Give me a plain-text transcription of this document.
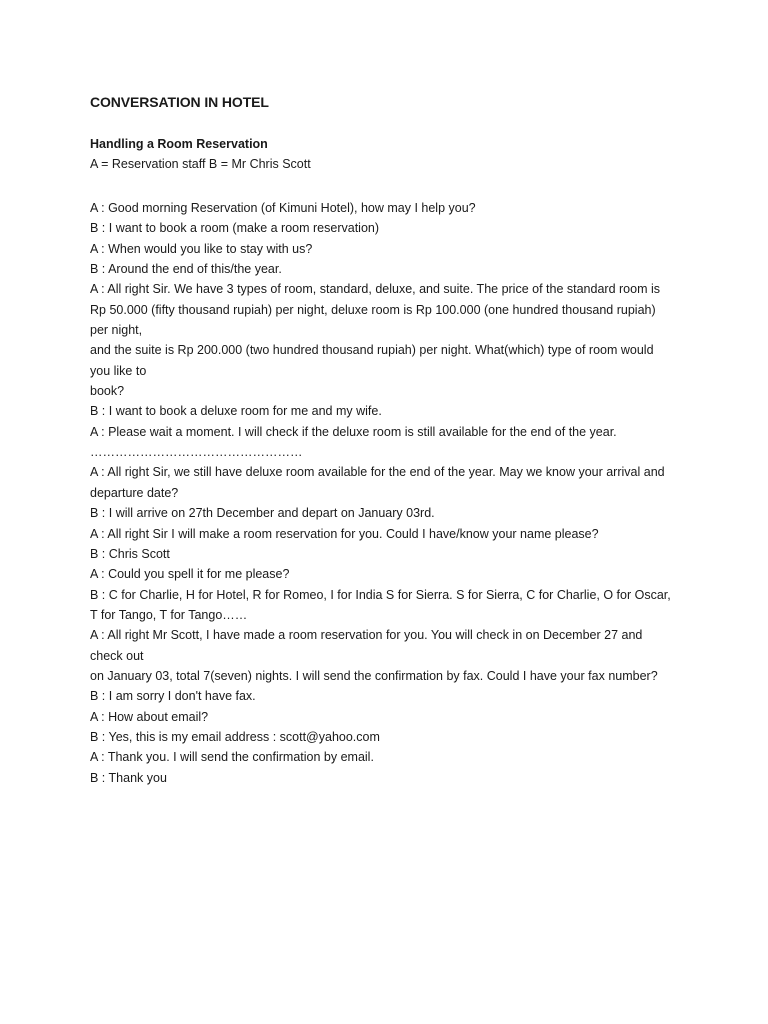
CONVERSATION IN HOTEL
Handling a Room Reservation

A = Reservation staff B = Mr Chris Scott

A : Good morning Reservation (of Kimuni Hotel), how may I help you?

B : I want to book a room (make a room reservation)

A : When would you like to stay with us?

B : Around the end of this/the year.

A : All right Sir. We have 3 types of room, standard, deluxe, and suite. The price of the standard room is

Rp 50.000 (fifty thousand rupiah) per night, deluxe room is Rp 100.000 (one hundred thousand rupiah)

per night,

and the suite is Rp 200.000 (two hundred thousand rupiah) per night. What(which) type of room would

you like to

book?

B : I want to book a deluxe room for me and my wife.

A : Please wait a moment. I will check if the deluxe room is still available for the end of the year.

……………………………………………

A : All right Sir, we still have deluxe room available for the end of the year. May we know your arrival and

departure date?

B : I will arrive on 27th December and depart on January 03rd.

A : All right Sir I will make a room reservation for you. Could I have/know your name please?

B : Chris Scott

A : Could you spell it for me please?

B : C for Charlie, H for Hotel, R for Romeo, I for India S for Sierra. S for Sierra, C for Charlie, O for Oscar,

T for Tango, T for Tango……

A : All right Mr Scott, I have made a room reservation for you. You will check in on December 27 and

check out

on January 03, total 7(seven) nights. I will send the confirmation by fax. Could I have your fax number?

B : I am sorry I don't have fax.

A : How about email?

B : Yes, this is my email address : scott@yahoo.com

A : Thank you. I will send the confirmation by email.

B : Thank you
